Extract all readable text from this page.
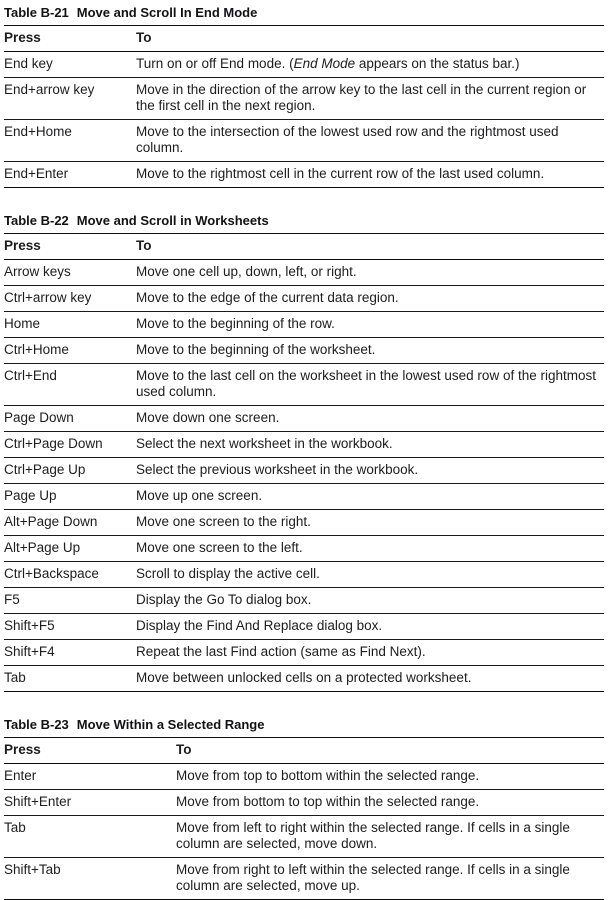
Table B-21 Move and Scroll In End Mode
Press	To
End key	Turn on or off End mode. (End Mode appears on the status bar.)
End+arrow key	Move in the direction of the arrow key to the last cell in the current region or the first cell in the next region.
End+Home	Move to the intersection of the lowest used row and the rightmost used column.
End+Enter	Move to the rightmost cell in the current row of the last used column.
Table B-22 Move and Scroll in Worksheets
Press	To
Arrow keys	Move one cell up, down, left, or right.
Ctrl+arrow key	Move to the edge of the current data region.
Home	Move to the beginning of the row.
Ctrl+Home	Move to the beginning of the worksheet.
Ctrl+End	Move to the last cell on the worksheet in the lowest used row of the rightmost used column.
Page Down	Move down one screen.
Ctrl+Page Down	Select the next worksheet in the workbook.
Ctrl+Page Up	Select the previous worksheet in the workbook.
Page Up	Move up one screen.
Alt+Page Down	Move one screen to the right.
Alt+Page Up	Move one screen to the left.
Ctrl+Backspace	Scroll to display the active cell.
F5	Display the Go To dialog box.
Shift+F5	Display the Find And Replace dialog box.
Shift+F4	Repeat the last Find action (same as Find Next).
Tab	Move between unlocked cells on a protected worksheet.
Table B-23 Move Within a Selected Range
Press	To
Enter	Move from top to bottom within the selected range.
Shift+Enter	Move from bottom to top within the selected range.
Tab	Move from left to right within the selected range. If cells in a single column are selected, move down.
Shift+Tab	Move from right to left within the selected range. If cells in a single column are selected, move up.
